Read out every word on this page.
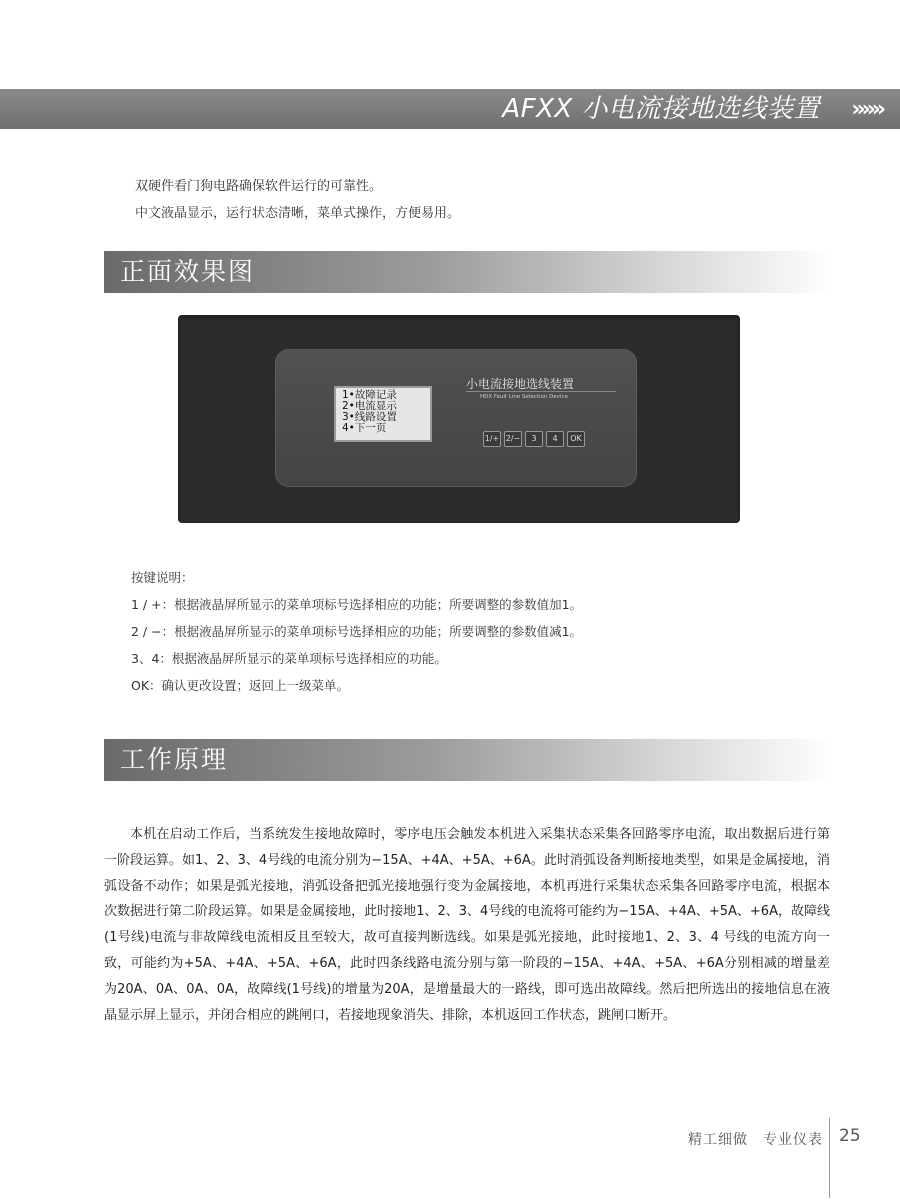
AFXX 小电流接地选线装置 »»»

双硬件看门狗电路确保软件运行的可靠性。

中文液晶显示，运行状态清晰，菜单式操作，方便易用。

正面效果图
1•故障记录
2•电流显示
3•线路设置
4•下一页
小电流接地选线装置
HDX Fault Line Selection Device
1/+ 2/−	3	4	OK

按键说明：

1 / +：根据液晶屏所显示的菜单项标号选择相应的功能；所要调整的参数值加1。

2 / −：根据液晶屏所显示的菜单项标号选择相应的功能；所要调整的参数值减1。

3、4：根据液晶屏所显示的菜单项标号选择相应的功能。

OK：确认更改设置；返回上一级菜单。

工作原理

本机在启动工作后，当系统发生接地故障时，零序电压会触发本机进入采集状态采集各回路零序电流，取出数据后进行第一阶段运算。如1、2、3、4号线的电流分别为−15A、+4A、+5A、+6A。此时消弧设备判断接地类型，如果是金属接地，消弧设备不动作；如果是弧光接地，消弧设备把弧光接地强行变为金属接地，本机再进行采集状态采集各回路零序电流，根据本次数据进行第二阶段运算。如果是金属接地，此时接地1、2、3、4号线的电流将可能约为−15A、+4A、+5A、+6A，故障线(1号线)电流与非故障线电流相反且至较大，故可直接判断选线。如果是弧光接地，此时接地1、2、3、4 号线的电流方向一致，可能约为+5A、+4A、+5A、+6A，此时四条线路电流分别与第一阶段的−15A、+4A、+5A、+6A分别相减的增量差为20A、0A、0A、0A，故障线(1号线)的增量为20A，是增量最大的一路线，即可选出故障线。然后把所选出的接地信息在液晶显示屏上显示，并闭合相应的跳闸口，若接地现象消失、排除，本机返回工作状态，跳闸口断开。

精工细做　专业仪表 25
